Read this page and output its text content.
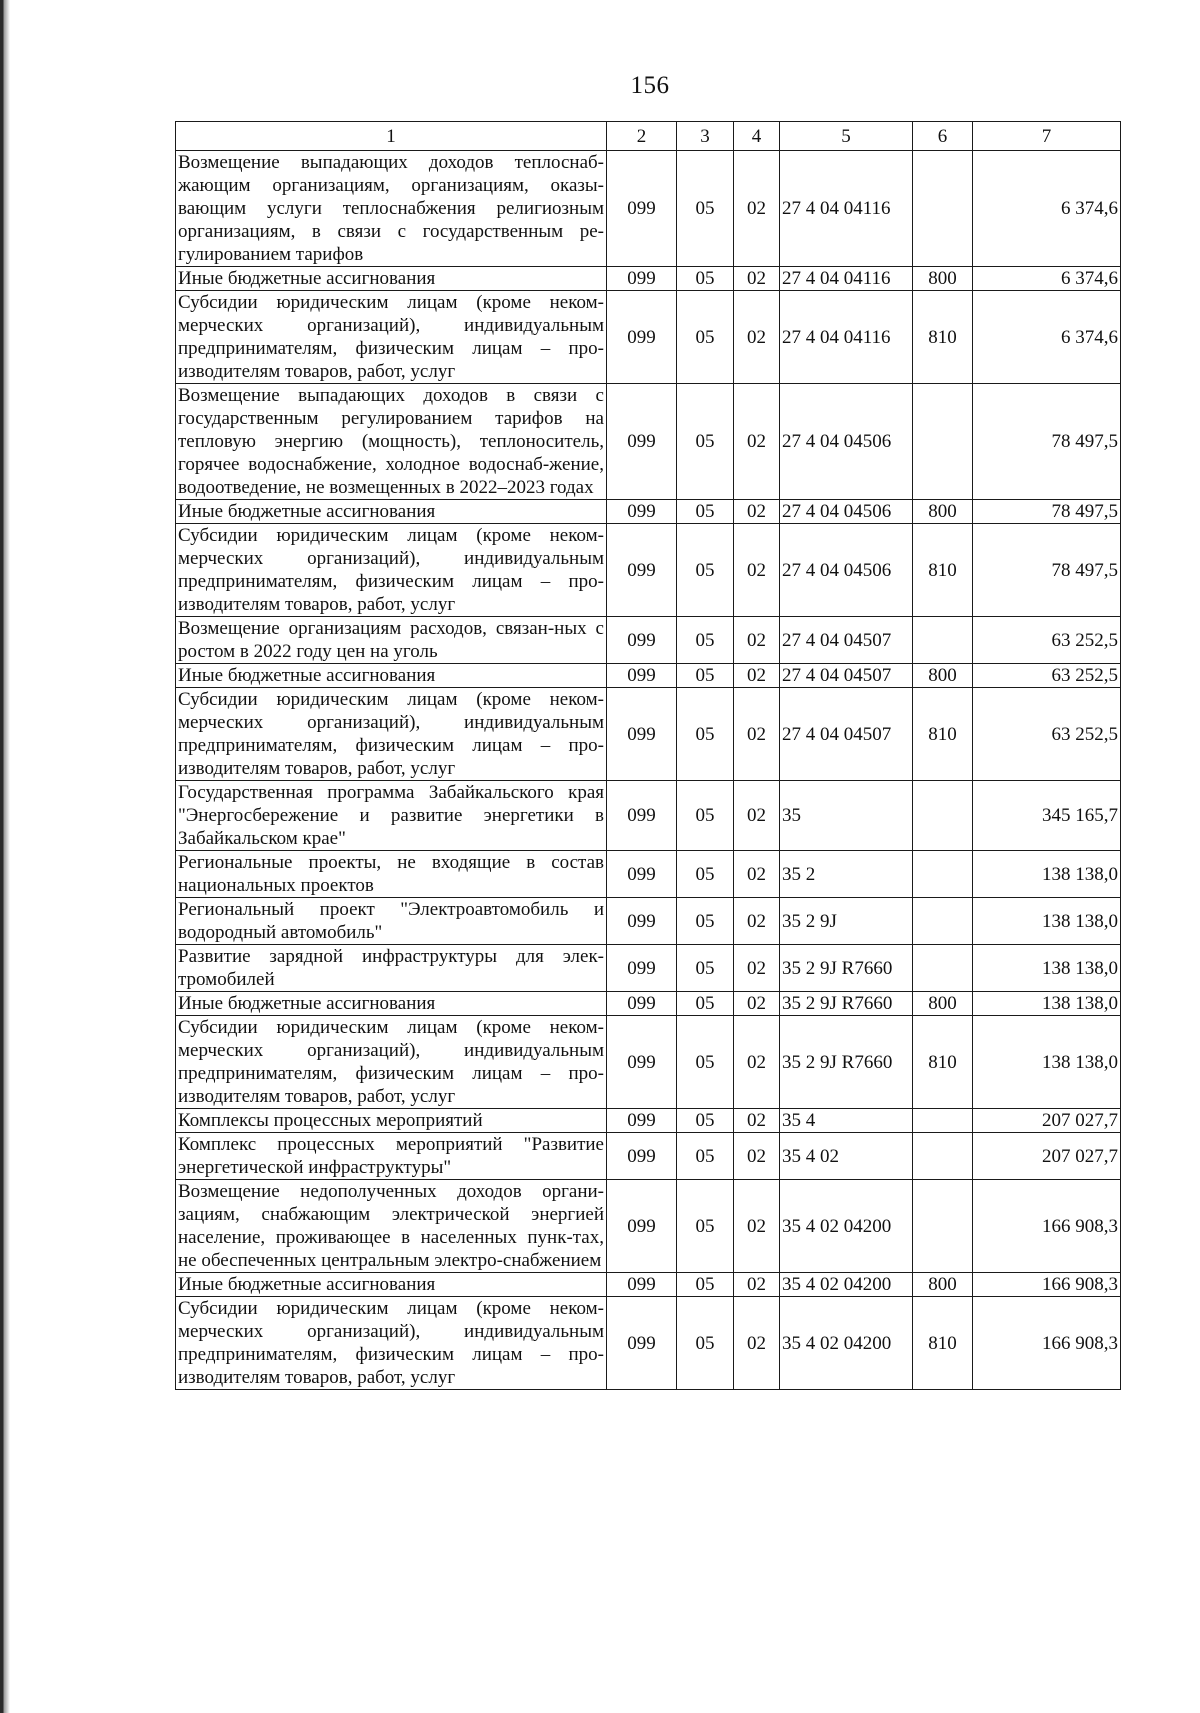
156
1	2	3	4	5	6	7
Возмещение выпадающих доходов теплоснаб-жающим организациям, организациям, оказы-вающим услуги теплоснабжения религиозным организациям, в связи с государственным ре-гулированием тарифов	099	05	02	27 4 04 04116		6 374,6
Иные бюджетные ассигнования	099	05	02	27 4 04 04116	800	6 374,6
Субсидии юридическим лицам (кроме неком-мерческих организаций), индивидуальным предпринимателям, физическим лицам – про-изводителям товаров, работ, услуг	099	05	02	27 4 04 04116	810	6 374,6
Возмещение выпадающих доходов в связи с государственным регулированием тарифов на тепловую энергию (мощность), теплоноситель, горячее водоснабжение, холодное водоснаб-жение, водоотведение, не возмещенных в 2022–2023 годах	099	05	02	27 4 04 04506		78 497,5
Иные бюджетные ассигнования	099	05	02	27 4 04 04506	800	78 497,5
Субсидии юридическим лицам (кроме неком-мерческих организаций), индивидуальным предпринимателям, физическим лицам – про-изводителям товаров, работ, услуг	099	05	02	27 4 04 04506	810	78 497,5
Возмещение организациям расходов, связан-ных с ростом в 2022 году цен на уголь	099	05	02	27 4 04 04507		63 252,5
Иные бюджетные ассигнования	099	05	02	27 4 04 04507	800	63 252,5
Субсидии юридическим лицам (кроме неком-мерческих организаций), индивидуальным предпринимателям, физическим лицам – про-изводителям товаров, работ, услуг	099	05	02	27 4 04 04507	810	63 252,5
Государственная программа Забайкальского края "Энергосбережение и развитие энергетики в Забайкальском крае"	099	05	02	35		345 165,7
Региональные проекты, не входящие в состав национальных проектов	099	05	02	35 2		138 138,0
Региональный проект "Электроавтомобиль и водородный автомобиль"	099	05	02	35 2 9J		138 138,0
Развитие зарядной инфраструктуры для элек-тромобилей	099	05	02	35 2 9J R7660		138 138,0
Иные бюджетные ассигнования	099	05	02	35 2 9J R7660	800	138 138,0
Субсидии юридическим лицам (кроме неком-мерческих организаций), индивидуальным предпринимателям, физическим лицам – про-изводителям товаров, работ, услуг	099	05	02	35 2 9J R7660	810	138 138,0
Комплексы процессных мероприятий	099	05	02	35 4		207 027,7
Комплекс процессных мероприятий "Развитие энергетической инфраструктуры"	099	05	02	35 4 02		207 027,7
Возмещение недополученных доходов органи-зациям, снабжающим электрической энергией население, проживающее в населенных пунк-тах, не обеспеченных центральным электро-снабжением	099	05	02	35 4 02 04200		166 908,3
Иные бюджетные ассигнования	099	05	02	35 4 02 04200	800	166 908,3
Субсидии юридическим лицам (кроме неком-мерческих организаций), индивидуальным предпринимателям, физическим лицам – про-изводителям товаров, работ, услуг	099	05	02	35 4 02 04200	810	166 908,3
